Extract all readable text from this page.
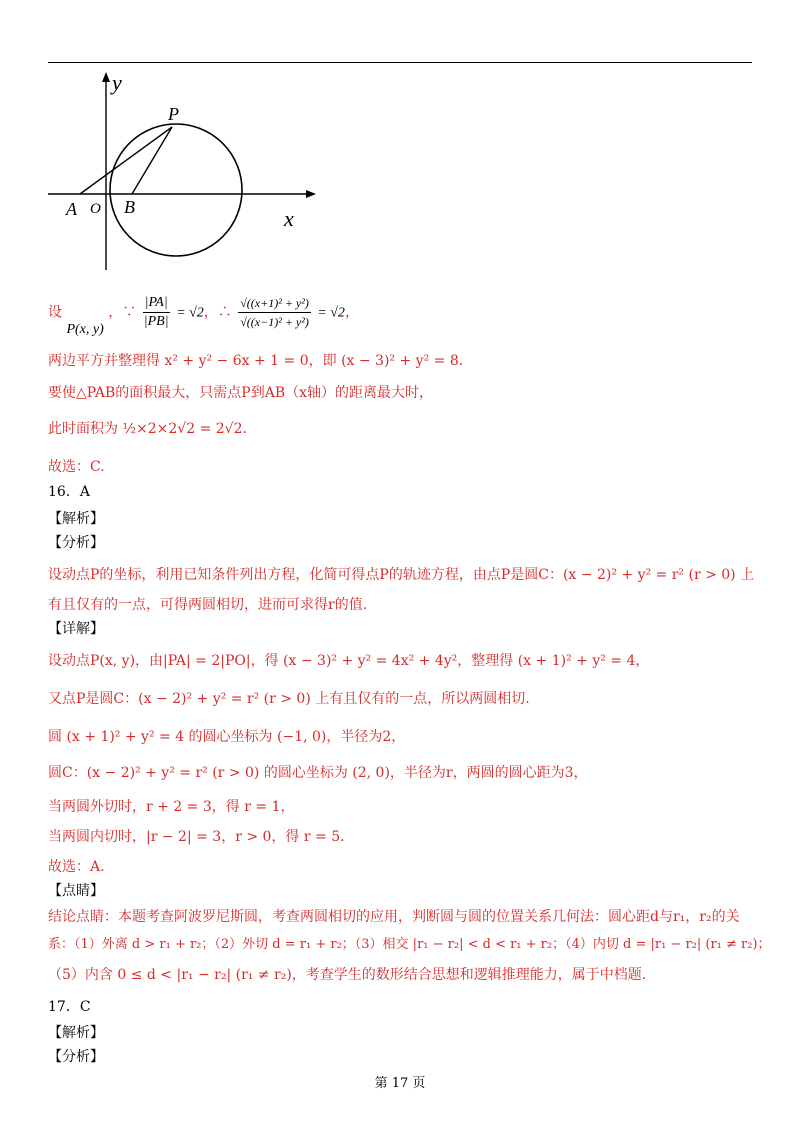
y
x
P
A O B
设 P(x, y) ，∵ $\frac{|PA|}{|PB|} = √2$，∴ $\frac{\text{√((x+1)² + y²)}}{\text{√((x−1)² + y²)}} = √2$，
两边平方并整理得 x² + y² − 6x + 1 = 0，即 (x − 3)² + y² = 8．
要使△PAB的面积最大，只需点P到AB（x轴）的距离最大时，
此时面积为 ½×2×2√2 = 2√2．
故选：C.
16．A
【解析】
【分析】
设动点P的坐标，利用已知条件列出方程，化简可得点P的轨迹方程，由点P是圆C：(x − 2)² + y² = r² (r > 0) 上
有且仅有的一点，可得两圆相切，进而可求得r的值.
【详解】
设动点P(x, y)，由|PA| = 2|PO|，得 (x − 3)² + y² = 4x² + 4y²，整理得 (x + 1)² + y² = 4，
又点P是圆C：(x − 2)² + y² = r² (r > 0) 上有且仅有的一点，所以两圆相切.
圆 (x + 1)² + y² = 4 的圆心坐标为 (−1, 0)，半径为2，
圆C：(x − 2)² + y² = r² (r > 0) 的圆心坐标为 (2, 0)，半径为r，两圆的圆心距为3，
当两圆外切时，r + 2 = 3，得 r = 1，
当两圆内切时，|r − 2| = 3，r > 0，得 r = 5．
故选：A.
【点睛】
结论点睛：本题考查阿波罗尼斯圆，考查两圆相切的应用，判断圆与圆的位置关系几何法：圆心距d与r₁，r₂的关
系：（1）外离 d > r₁ + r₂；（2）外切 d = r₁ + r₂；（3）相交 |r₁ − r₂| < d < r₁ + r₂；（4）内切 d = |r₁ − r₂| (r₁ ≠ r₂)；
（5）内含 0 ≤ d < |r₁ − r₂| (r₁ ≠ r₂)，考查学生的数形结合思想和逻辑推理能力，属于中档题.
17．C
【解析】
【分析】
第 17 页
